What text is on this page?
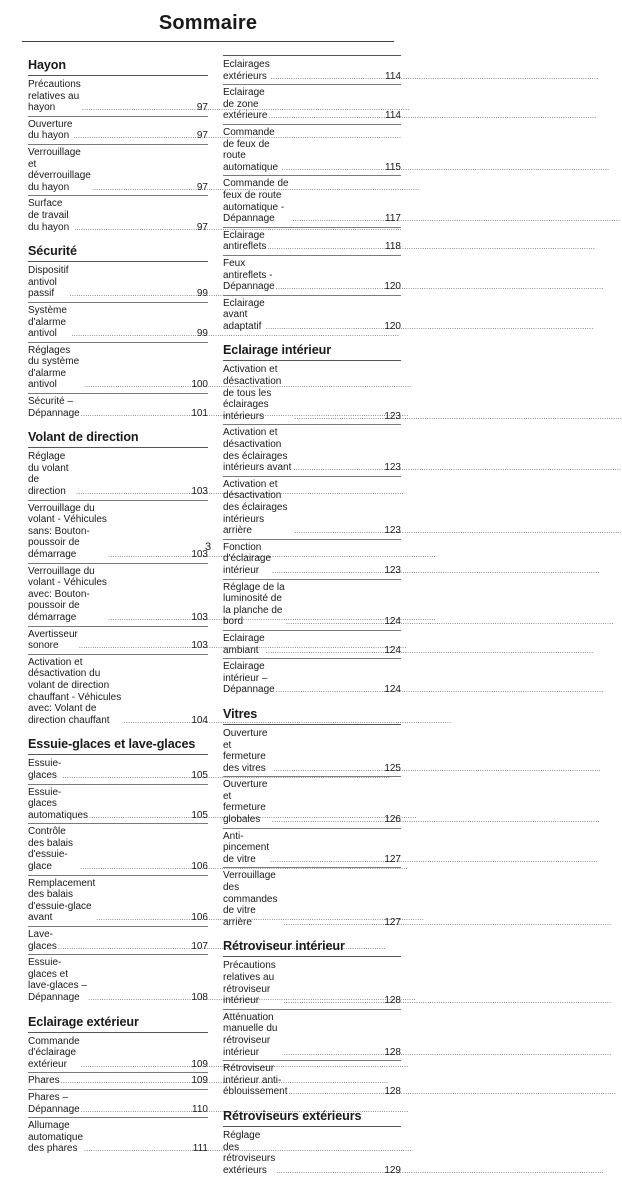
Sommaire
Hayon
Précautions relatives au hayon .....	97
Ouverture du hayon .....	97
Verrouillage et déverrouillage du hayon .....	97
Surface de travail du hayon .....	97
Sécurité
Dispositif antivol passif .....	99
Système d'alarme antivol .....	99
Réglages du système d'alarme antivol .....	100
Sécurité – Dépannage .....	101
Volant de direction
Réglage du volant de direction .....	103
Verrouillage du volant - Véhicules sans: Bouton-poussoir de démarrage .....	103
Verrouillage du volant - Véhicules avec: Bouton-poussoir de démarrage .....	103
Avertisseur sonore .....	103
Activation et désactivation du volant de direction chauffant - Véhicules avec: Volant de direction chauffant .....	104
Essuie-glaces et lave-glaces
Essuie-glaces .....	105
Essuie-glaces automatiques .....	105
Contrôle des balais d'essuie-glace .....	106
Remplacement des balais d'essuie-glace avant .....	106
Lave-glaces .....	107
Essuie-glaces et lave-glaces – Dépannage .....	108
Eclairage extérieur
Commande d'éclairage extérieur .....	109
Phares .....	109
Phares – Dépannage .....	110
Allumage automatique des phares .....	111
Eclairages extérieurs .....	114
Eclairage de zone extérieure .....	114
Commande de feux de route automatique .....	115
Commande de feux de route automatique - Dépannage .....	117
Eclairage antireflets .....	118
Feux antireflets - Dépannage .....	120
Eclairage avant adaptatif .....	120
Eclairage intérieur
Activation et désactivation de tous les éclairages intérieurs .....	123
Activation et désactivation des éclairages intérieurs avant .....	123
Activation et désactivation des éclairages intérieurs arrière .....	123
Fonction d'éclairage intérieur .....	123
Réglage de la luminosité de la planche de bord .....	124
Eclairage ambiant .....	124
Eclairage intérieur – Dépannage .....	124
Vitres
Ouverture et fermeture des vitres .....	125
Ouverture et fermeture globales .....	126
Anti-pincement de vitre .....	127
Verrouillage des commandes de vitre arrière .....	127
Rétroviseur intérieur
Précautions relatives au rétroviseur intérieur .....	128
Atténuation manuelle du rétroviseur intérieur .....	128
Rétroviseur intérieur anti-éblouissement .....	128
Rétroviseurs extérieurs
Réglage des rétroviseurs extérieurs .....	129
3
